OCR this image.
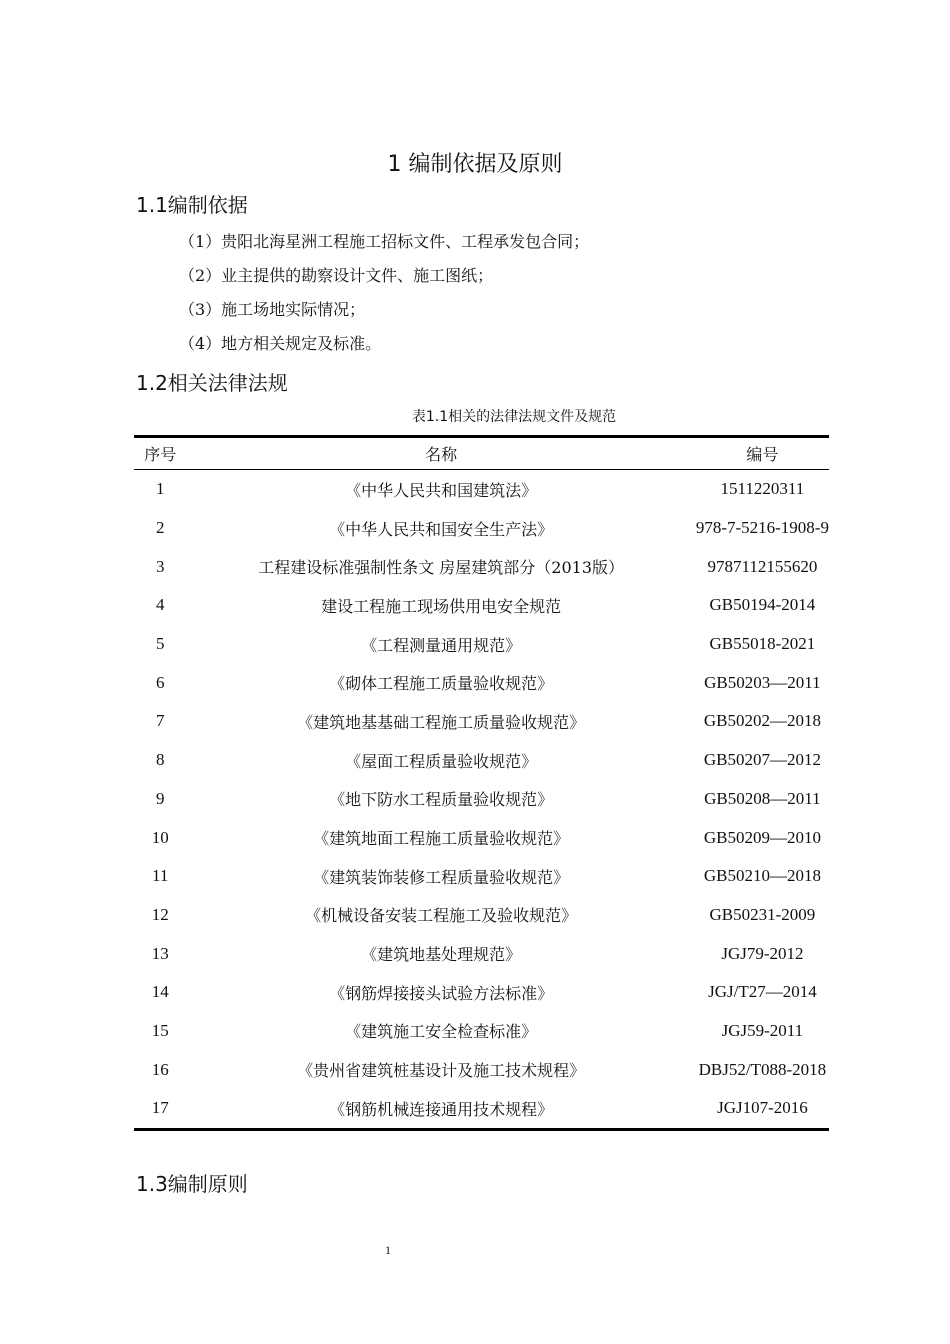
1 编制依据及原则
1.1编制依据
（1）贵阳北海星洲工程施工招标文件、工程承发包合同；
（2）业主提供的勘察设计文件、施工图纸；
（3）施工场地实际情况；
（4）地方相关规定及标准。
1.2相关法律法规
表1.1相关的法律法规文件及规范
序号	名称	编号
1	《中华人民共和国建筑法》	1511220311
2	《中华人民共和国安全生产法》	978-7-5216-1908-9
3	工程建设标准强制性条文 房屋建筑部分（2013版）	9787112155620
4	建设工程施工现场供用电安全规范	GB50194-2014
5	《工程测量通用规范》	GB55018-2021
6	《砌体工程施工质量验收规范》	GB50203—2011
7	《建筑地基基础工程施工质量验收规范》	GB50202—2018
8	《屋面工程质量验收规范》	GB50207—2012
9	《地下防水工程质量验收规范》	GB50208—2011
10	《建筑地面工程施工质量验收规范》	GB50209—2010
11	《建筑装饰装修工程质量验收规范》	GB50210—2018
12	《机械设备安装工程施工及验收规范》	GB50231-2009
13	《建筑地基处理规范》	JGJ79-2012
14	《钢筋焊接接头试验方法标准》	JGJ/T27—2014
15	《建筑施工安全检查标准》	JGJ59-2011
16	《贵州省建筑桩基设计及施工技术规程》	DBJ52/T088-2018
17	《钢筋机械连接通用技术规程》	JGJ107-2016
1.3编制原则
1
